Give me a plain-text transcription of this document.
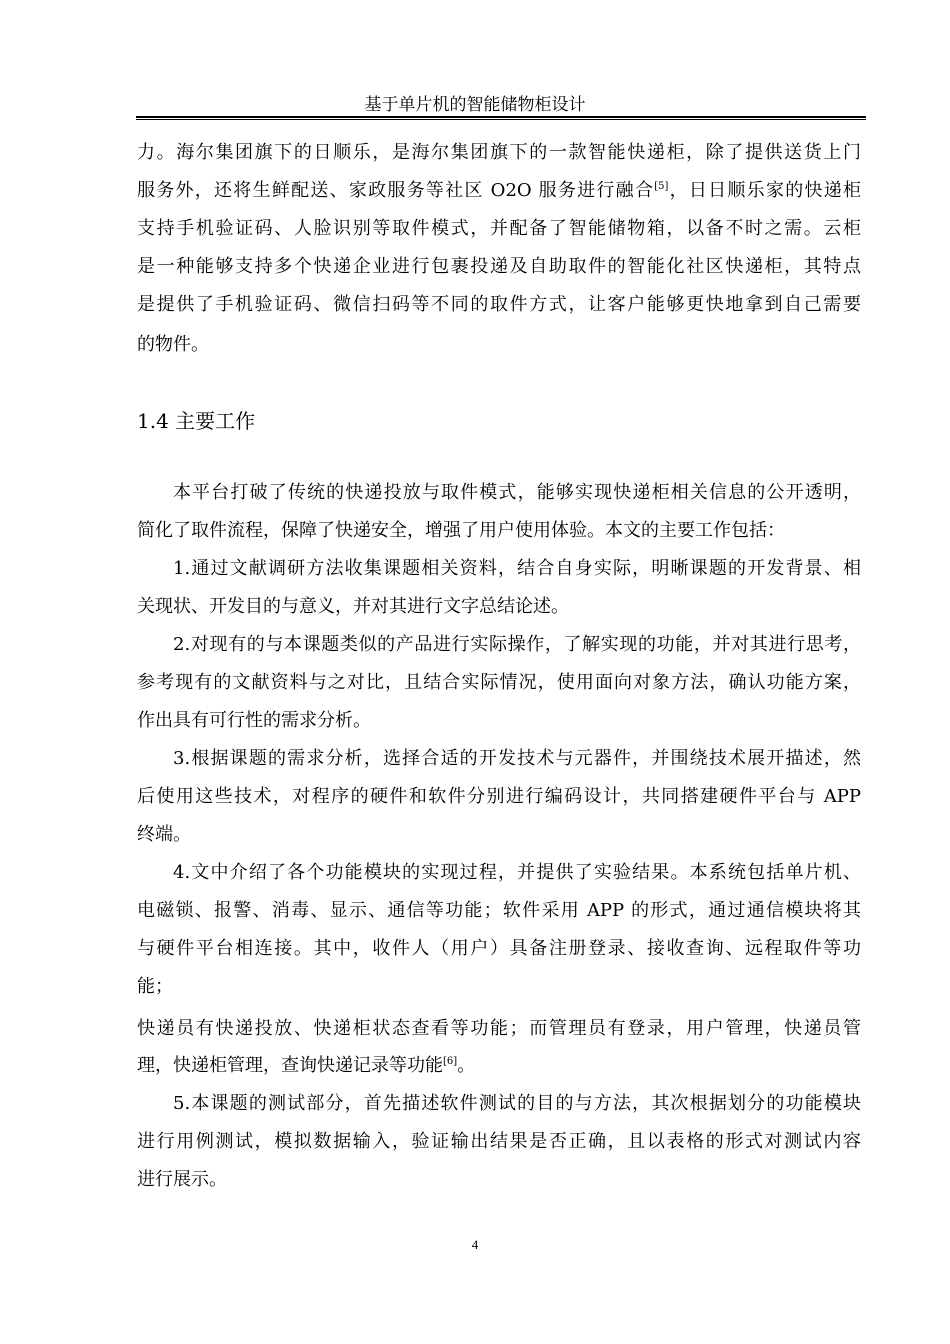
基于单片机的智能储物柜设计
1.4 主要工作
力。海尔集团旗下的日顺乐，是海尔集团旗下的一款智能快递柜，除了提供送货上门
服务外，还将生鲜配送、家政服务等社区 O2O 服务进行融合[5]，日日顺乐家的快递柜
支持手机验证码、人脸识别等取件模式，并配备了智能储物箱，以备不时之需。云柜
是一种能够支持多个快递企业进行包裹投递及自助取件的智能化社区快递柜，其特点
是提供了手机验证码、微信扫码等不同的取件方式，让客户能够更快地拿到自己需要
的物件。
本平台打破了传统的快递投放与取件模式，能够实现快递柜相关信息的公开透明，
简化了取件流程，保障了快递安全，增强了用户使用体验。本文的主要工作包括：
1.通过文献调研方法收集课题相关资料，结合自身实际，明晰课题的开发背景、相
关现状、开发目的与意义，并对其进行文字总结论述。
2.对现有的与本课题类似的产品进行实际操作，了解实现的功能，并对其进行思考，
参考现有的文献资料与之对比，且结合实际情况，使用面向对象方法，确认功能方案，
作出具有可行性的需求分析。
3.根据课题的需求分析，选择合适的开发技术与元器件，并围绕技术展开描述，然
后使用这些技术，对程序的硬件和软件分别进行编码设计，共同搭建硬件平台与 APP
终端。
4.文中介绍了各个功能模块的实现过程，并提供了实验结果。本系统包括单片机、
电磁锁、报警、消毒、显示、通信等功能；软件采用 APP 的形式，通过通信模块将其
与硬件平台相连接。其中，收件人（用户）具备注册登录、接收查询、远程取件等功
能；
快递员有快递投放、快递柜状态查看等功能；而管理员有登录，用户管理，快递员管
理，快递柜管理，查询快递记录等功能[6]。
5.本课题的测试部分，首先描述软件测试的目的与方法，其次根据划分的功能模块
进行用例测试，模拟数据输入，验证输出结果是否正确，且以表格的形式对测试内容
进行展示。
4
